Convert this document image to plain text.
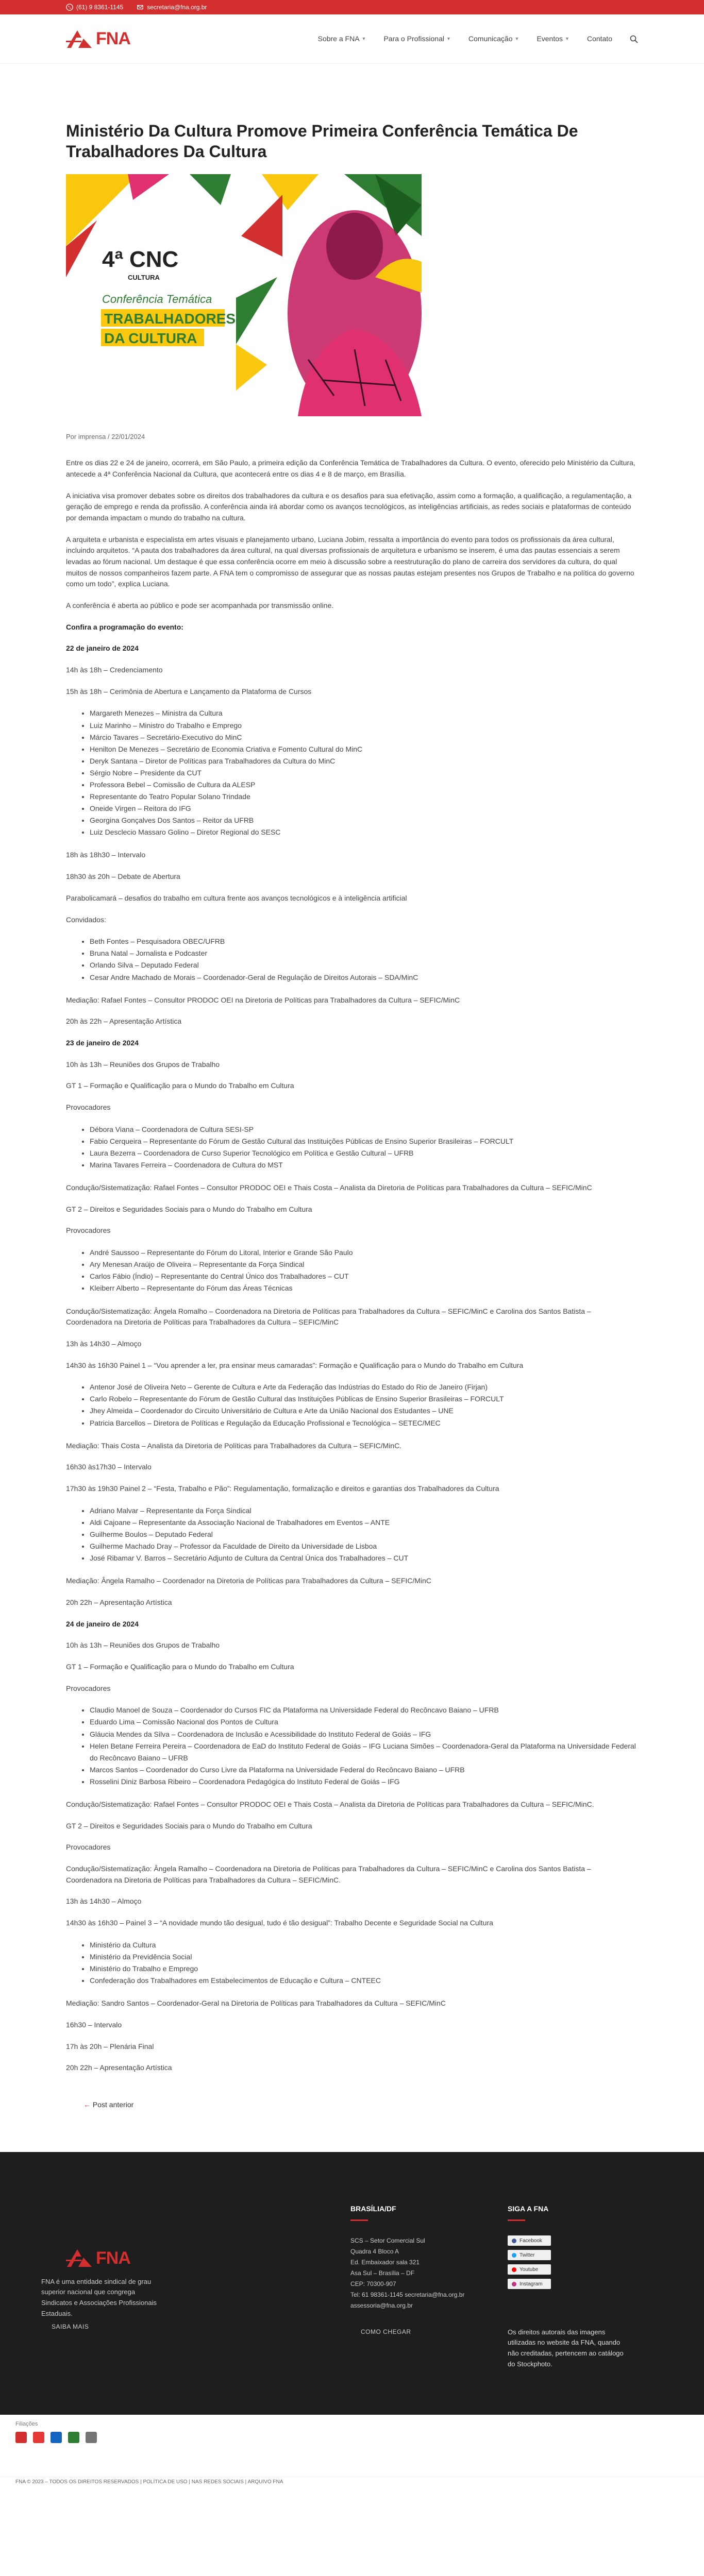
(61) 9 8361-1145	secretaria@fna.org.br
FNA	Sobre a FNA ▼ Para o Profissional ▼ Comunicação ▼ Eventos ▼ Contato
Ministério Da Cultura Promove Primeira Conferência Temática De Trabalhadores Da Cultura
4ª CNC
CULTURA
Conferência Temática
TRABALHADORES
DA CULTURA
Por imprensa / 22/01/2024

Entre os dias 22 e 24 de janeiro, ocorrerá, em São Paulo, a primeira edição da Conferência Temática de Trabalhadores da Cultura. O evento, oferecido pelo Ministério da Cultura, antecede a 4ª Conferência Nacional da Cultura, que acontecerá entre os dias 4 e 8 de março, em Brasília.

A iniciativa visa promover debates sobre os direitos dos trabalhadores da cultura e os desafios para sua efetivação, assim como a formação, a qualificação, a regulamentação, a geração de emprego e renda da profissão. A conferência ainda irá abordar como os avanços tecnológicos, as inteligências artificiais, as redes sociais e plataformas de conteúdo por demanda impactam o mundo do trabalho na cultura.

A arquiteta e urbanista e especialista em artes visuais e planejamento urbano, Luciana Jobim, ressalta a importância do evento para todos os profissionais da área cultural, incluindo arquitetos. “A pauta dos trabalhadores da área cultural, na qual diversas profissionais de arquitetura e urbanismo se inserem, é uma das pautas essenciais a serem levadas ao fórum nacional. Um destaque é que essa conferência ocorre em meio à discussão sobre a reestruturação do plano de carreira dos servidores da cultura, do qual muitos de nossos companheiros fazem parte. A FNA tem o compromisso de assegurar que as nossas pautas estejam presentes nos Grupos de Trabalho e na política do governo como um todo”, explica Luciana.

A conferência é aberta ao público e pode ser acompanhada por transmissão online.

Confira a programação do evento:

22 de janeiro de 2024

14h às 18h – Credenciamento

15h às 18h – Cerimônia de Abertura e Lançamento da Plataforma de Cursos

• Margareth Menezes – Ministra da Cultura
• Luiz Marinho – Ministro do Trabalho e Emprego
• Márcio Tavares – Secretário-Executivo do MinC
• Henilton De Menezes – Secretário de Economia Criativa e Fomento Cultural do MinC
• Deryk Santana – Diretor de Políticas para Trabalhadores da Cultura do MinC
• Sérgio Nobre – Presidente da CUT
• Professora Bebel – Comissão de Cultura da ALESP
• Representante do Teatro Popular Solano Trindade
• Oneide Virgen – Reitora do IFG
• Georgina Gonçalves Dos Santos – Reitor da UFRB
• Luiz Desclecio Massaro Golino – Diretor Regional do SESC

18h às 18h30 – Intervalo

18h30 às 20h – Debate de Abertura

Parabolicamará – desafios do trabalho em cultura frente aos avanços tecnológicos e à inteligência artificial

Convidados:

• Beth Fontes – Pesquisadora OBEC/UFRB
• Bruna Natal – Jornalista e Podcaster
• Orlando Silva – Deputado Federal
• Cesar Andre Machado de Morais – Coordenador-Geral de Regulação de Direitos Autorais – SDA/MinC

Mediação: Rafael Fontes – Consultor PRODOC OEI na Diretoria de Políticas para Trabalhadores da Cultura – SEFIC/MinC

20h às 22h – Apresentação Artística

23 de janeiro de 2024

10h às 13h – Reuniões dos Grupos de Trabalho

GT 1 – Formação e Qualificação para o Mundo do Trabalho em Cultura

Provocadores

• Débora Viana – Coordenadora de Cultura SESI-SP
• Fabio Cerqueira – Representante do Fórum de Gestão Cultural das Instituições Públicas de Ensino Superior Brasileiras – FORCULT
• Laura Bezerra – Coordenadora de Curso Superior Tecnológico em Política e Gestão Cultural – UFRB
• Marina Tavares Ferreira – Coordenadora de Cultura do MST

Condução/Sistematização: Rafael Fontes – Consultor PRODOC OEI e Thais Costa – Analista da Diretoria de Políticas para Trabalhadores da Cultura – SEFIC/MinC

GT 2 – Direitos e Seguridades Sociais para o Mundo do Trabalho em Cultura

Provocadores

• André Saussoo – Representante do Fórum do Litoral, Interior e Grande São Paulo
• Ary Menesan Araújo de Oliveira – Representante da Força Sindical
• Carlos Fábio (Índio) – Representante do Central Único dos Trabalhadores – CUT
• Kleiberr Alberto – Representante do Fórum das Áreas Técnicas

Condução/Sistematização: Ângela Romalho – Coordenadora na Diretoria de Políticas para Trabalhadores da Cultura – SEFIC/MinC e Carolina dos Santos Batista – Coordenadora na Diretoria de Políticas para Trabalhadores da Cultura – SEFIC/MinC

13h às 14h30 – Almoço

14h30 às 16h30 Painel 1 – “Vou aprender a ler, pra ensinar meus camaradas”: Formação e Qualificação para o Mundo do Trabalho em Cultura

• Antenor José de Oliveira Neto – Gerente de Cultura e Arte da Federação das Indústrias do Estado do Rio de Janeiro (Firjan)
• Carlo Robelo – Representante do Fórum de Gestão Cultural das Instituições Públicas de Ensino Superior Brasileiras – FORCULT
• Jhey Almeida – Coordenador do Circuito Universitário de Cultura e Arte da União Nacional dos Estudantes – UNE
• Patricia Barcellos – Diretora de Políticas e Regulação da Educação Profissional e Tecnológica – SETEC/MEC

Mediação: Thais Costa – Analista da Diretoria de Políticas para Trabalhadores da Cultura – SEFIC/MinC.

16h30 às17h30 – Intervalo

17h30 às 19h30 Painel 2 – “Festa, Trabalho e Pão”: Regulamentação, formalização e direitos e garantias dos Trabalhadores da Cultura

• Adriano Malvar – Representante da Força Sindical
• Aldi Cajoane – Representante da Associação Nacional de Trabalhadores em Eventos – ANTE
• Guilherme Boulos – Deputado Federal
• Guilherme Machado Dray – Professor da Faculdade de Direito da Universidade de Lisboa
• José Ribamar V. Barros – Secretário Adjunto de Cultura da Central Única dos Trabalhadores – CUT

Mediação: Ângela Ramalho – Coordenador na Diretoria de Políticas para Trabalhadores da Cultura – SEFIC/MinC

20h 22h – Apresentação Artística

24 de janeiro de 2024

10h às 13h – Reuniões dos Grupos de Trabalho

GT 1 – Formação e Qualificação para o Mundo do Trabalho em Cultura

Provocadores

• Claudio Manoel de Souza – Coordenador do Cursos FIC da Plataforma na Universidade Federal do Recôncavo Baiano – UFRB
• Eduardo Lima – Comissão Nacional dos Pontos de Cultura
• Gláucia Mendes da Silva – Coordenadora de Inclusão e Acessibilidade do Instituto Federal de Goiás – IFG
• Helen Betane Ferreira Pereira – Coordenadora de EaD do Instituto Federal de Goiás – IFG Luciana Simões – Coordenadora-Geral da Plataforma na Universidade Federal do Recôncavo Baiano – UFRB
• Marcos Santos – Coordenador do Curso Livre da Plataforma na Universidade Federal do Recôncavo Baiano – UFRB
• Rosselini Diniz Barbosa Ribeiro – Coordenadora Pedagógica do Instituto Federal de Goiás – IFG

Condução/Sistematização: Rafael Fontes – Consultor PRODOC OEI e Thais Costa – Analista da Diretoria de Políticas para Trabalhadores da Cultura – SEFIC/MinC.

GT 2 – Direitos e Seguridades Sociais para o Mundo do Trabalho em Cultura

Provocadores

Condução/Sistematização: Ângela Ramalho – Coordenadora na Diretoria de Políticas para Trabalhadores da Cultura – SEFIC/MinC e Carolina dos Santos Batista – Coordenadora na Diretoria de Políticas para Trabalhadores da Cultura – SEFIC/MinC.

13h às 14h30 – Almoço

14h30 às 16h30 – Painel 3 – “A novidade mundo tão desigual, tudo é tão desigual”: Trabalho Decente e Seguridade Social na Cultura

• Ministério da Cultura
• Ministério da Previdência Social
• Ministério do Trabalho e Emprego
• Confederação dos Trabalhadores em Estabelecimentos de Educação e Cultura – CNTEEC

Mediação: Sandro Santos – Coordenador-Geral na Diretoria de Políticas para Trabalhadores da Cultura – SEFIC/MinC

16h30 – Intervalo

17h às 20h – Plenária Final

20h 22h – Apresentação Artística

← Post anterior
FNA
FNA é uma entidade sindical de grau superior nacional que congrega Sindicatos e Associações Profissionais Estaduais.
SAIBA MAIS
BRASÍLIA/DF

SCS – Setor Comercial Sul

Quadra 4 Bloco A

Ed. Embaixador sala 321

Asa Sul – Brasília – DF

CEP: 70300-907

Tel: 61 98361-1145 secretaria@fna.org.br

assessoria@fna.org.br

COMO CHEGAR
SIGA A FNA
Facebook
Twitter
Youtube
Instagram
Os direitos autorais das imagens utilizadas no website da FNA, quando não creditadas, pertencem ao catálogo do Stockphoto.
Filiações
FNA © 2023 – TODOS OS DIREITOS RESERVADOS | POLÍTICA DE USO | NAS REDES SOCIAIS | ARQUIVO FNA
